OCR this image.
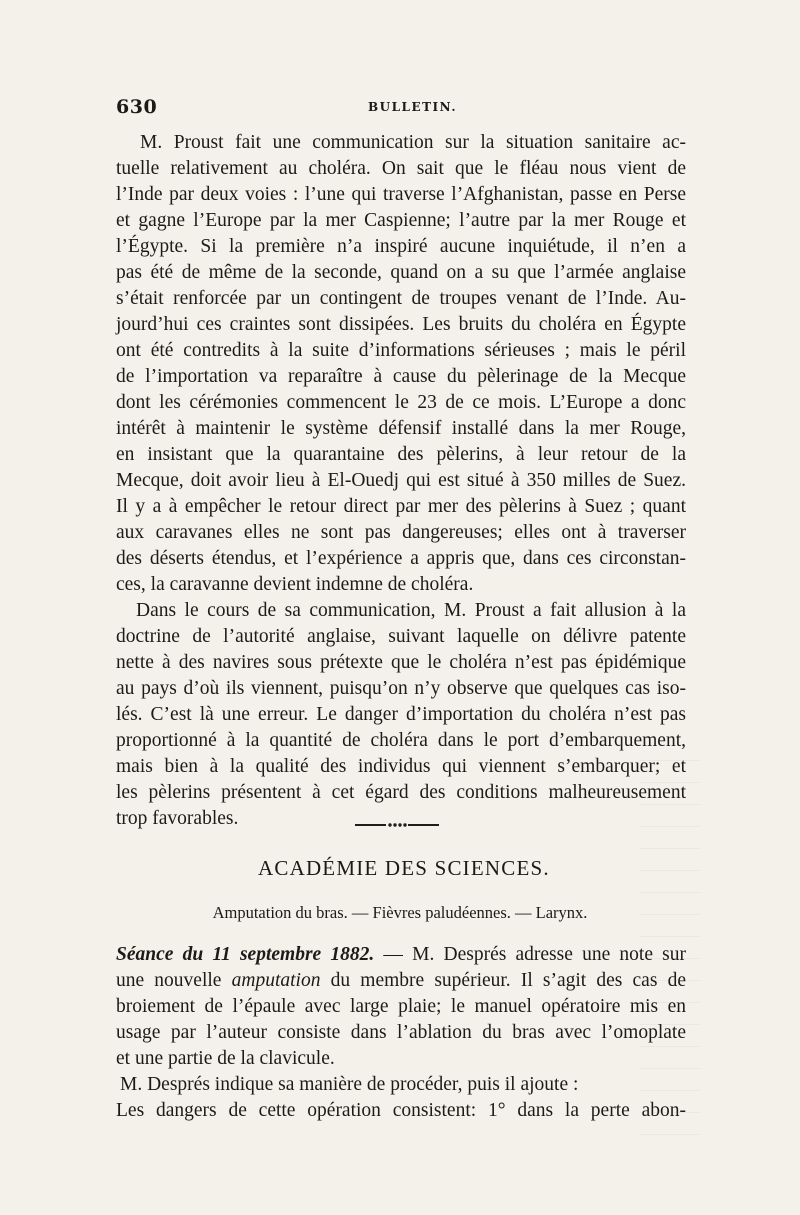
630	BULLETIN.
M. Proust fait une communication sur la situation sanitaire ac-
tuelle relativement au choléra. On sait que le fléau nous vient de
l’Inde par deux voies : l’une qui traverse l’Afghanistan, passe en Perse
et gagne l’Europe par la mer Caspienne; l’autre par la mer Rouge et
l’Égypte. Si la première n’a inspiré aucune inquiétude, il n’en a
pas été de même de la seconde, quand on a su que l’armée anglaise
s’était renforcée par un contingent de troupes venant de l’Inde. Au-
jourd’hui ces craintes sont dissipées. Les bruits du choléra en Égypte
ont été contredits à la suite d’informations sérieuses ; mais le péril
de l’importation va reparaître à cause du pèlerinage de la Mecque
dont les cérémonies commencent le 23 de ce mois. L’Europe a donc
intérêt à maintenir le système défensif installé dans la mer Rouge,
en insistant que la quarantaine des pèlerins, à leur retour de la
Mecque, doit avoir lieu à El-Ouedj qui est situé à 350 milles de Suez.
Il y a à empêcher le retour direct par mer des pèlerins à Suez ; quant
aux caravanes elles ne sont pas dangereuses; elles ont à traverser
des déserts étendus, et l’expérience a appris que, dans ces circonstan-
ces, la caravanne devient indemne de choléra.
Dans le cours de sa communication, M. Proust a fait allusion à la
doctrine de l’autorité anglaise, suivant laquelle on délivre patente
nette à des navires sous prétexte que le choléra n’est pas épidémique
au pays d’où ils viennent, puisqu’on n’y observe que quelques cas iso-
lés. C’est là une erreur. Le danger d’importation du choléra n’est pas
proportionné à la quantité de choléra dans le port d’embarquement,
mais bien à la qualité des individus qui viennent s’embarquer; et
les pèlerins présentent à cet égard des conditions malheureusement
trop favorables.
ACADÉMIE DES SCIENCES.
Amputation du bras. — Fièvres paludéennes. — Larynx.
Séance du 11 septembre 1882. — M. Després adresse une note sur
une nouvelle amputation du membre supérieur. Il s’agit des cas de
broiement de l’épaule avec large plaie; le manuel opératoire mis en
usage par l’auteur consiste dans l’ablation du bras avec l’omoplate
et une partie de la clavicule.
M. Després indique sa manière de procéder, puis il ajoute :
Les dangers de cette opération consistent: 1° dans la perte abon-
